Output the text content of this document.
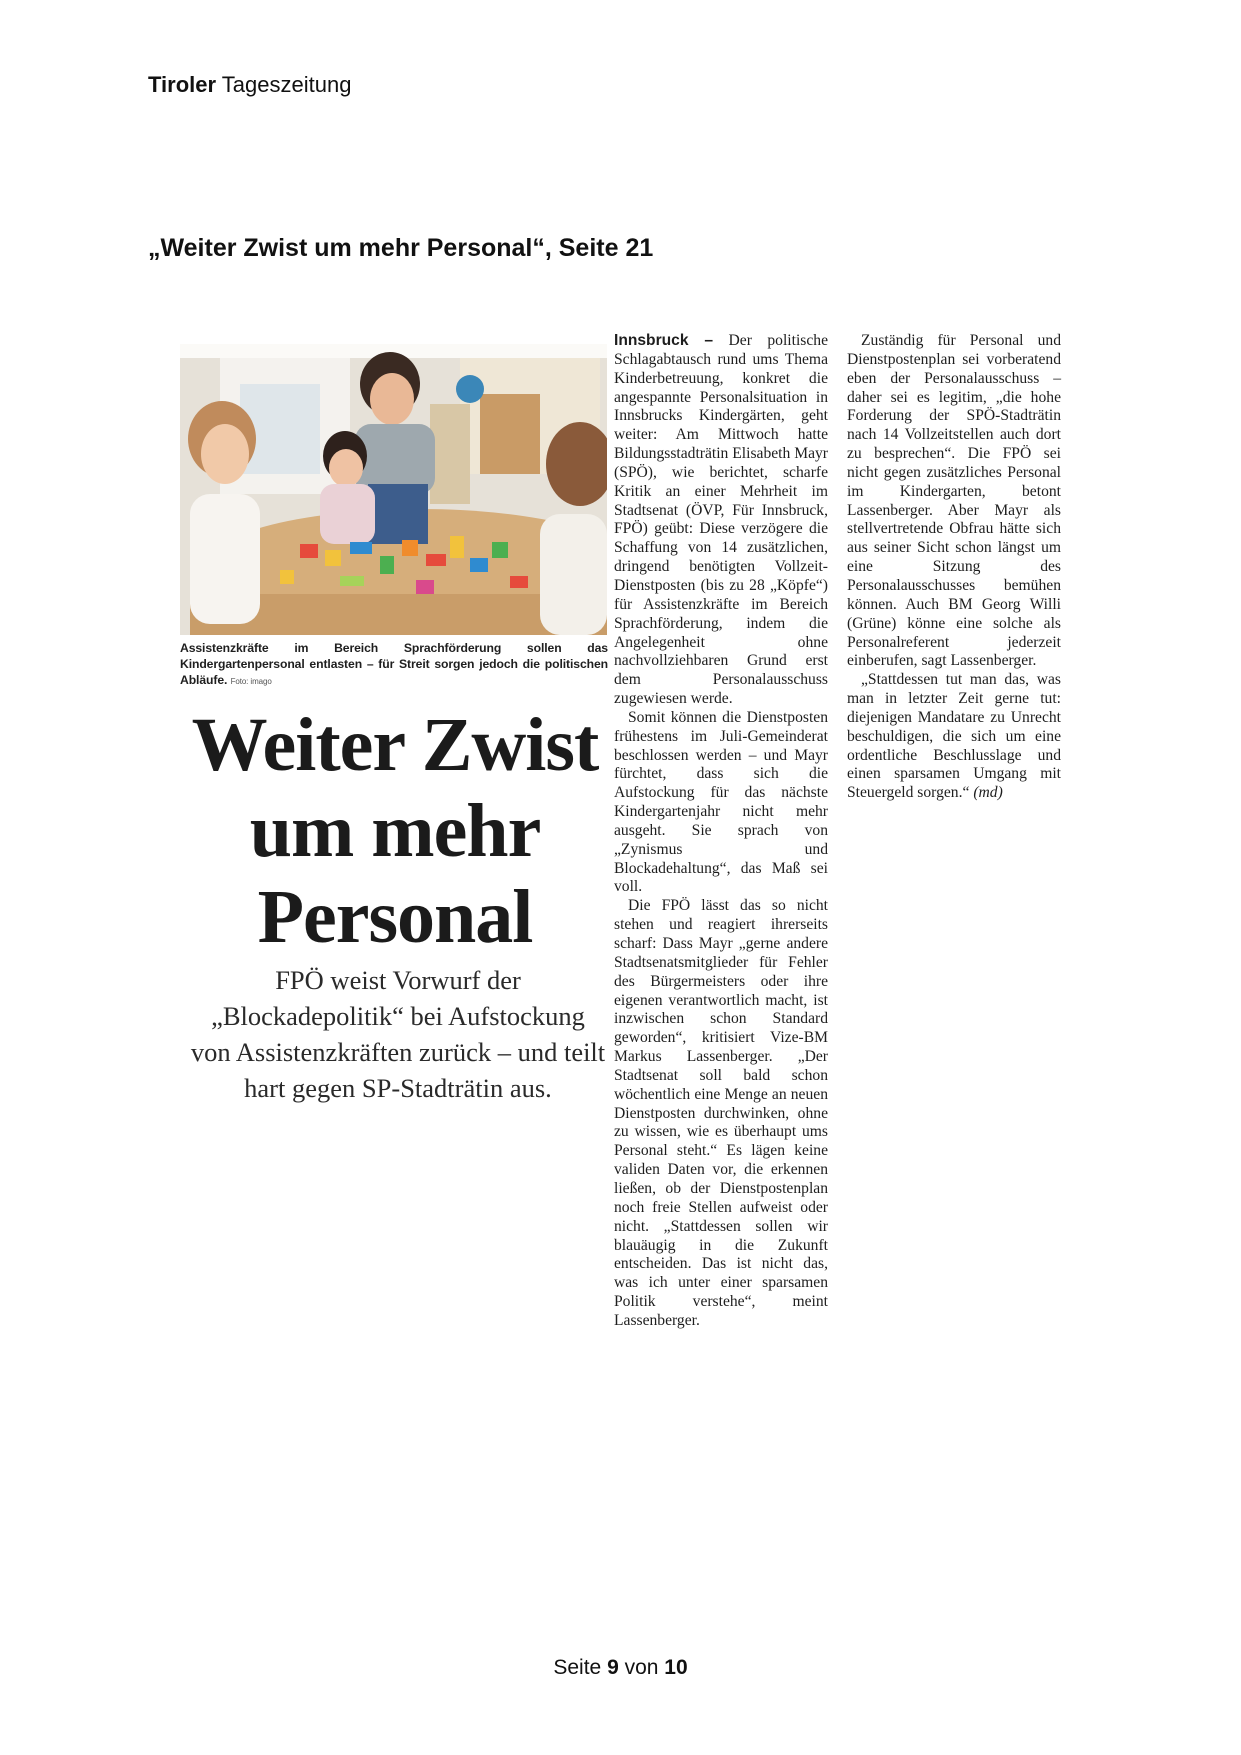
Tiroler Tageszeitung
„Weiter Zwist um mehr Personal“, Seite 21
Assistenzkräfte im Bereich Sprachförderung sollen das Kindergartenpersonal entlasten – für Streit sorgen jedoch die politischen Abläufe. Foto: imago
Weiter Zwist um mehr Personal
FPÖ weist Vorwurf der „Blockadepolitik“ bei Aufstockung von Assistenzkräften zurück – und teilt hart gegen SP-Stadträtin aus.

Innsbruck – Der politische Schlagabtausch rund ums Thema Kinderbetreuung, konkret die angespannte Personalsituation in Innsbrucks Kindergärten, geht weiter: Am Mittwoch hatte Bildungsstadträtin Elisabeth Mayr (SPÖ), wie berichtet, scharfe Kritik an einer Mehrheit im Stadtsenat (ÖVP, Für Innsbruck, FPÖ) geübt: Diese verzögere die Schaffung von 14 zusätzlichen, dringend benötigten Vollzeit-Dienstposten (bis zu 28 „Köpfe“) für Assistenzkräfte im Bereich Sprachförderung, indem die Angelegenheit ohne nachvollziehbaren Grund erst dem Personalausschuss zugewiesen werde.

Somit können die Dienstposten frühestens im Juli-Gemeinderat beschlossen werden – und Mayr fürchtet, dass sich die Aufstockung für das nächste Kindergartenjahr nicht mehr ausgeht. Sie sprach von „Zynismus und Blockadehaltung“, das Maß sei voll.

Die FPÖ lässt das so nicht stehen und reagiert ihrerseits scharf: Dass Mayr „gerne andere Stadtsenatsmitglieder für Fehler des Bürgermeisters oder ihre eigenen verantwortlich macht, ist inzwischen schon Standard geworden“, kritisiert Vize-BM Markus Lassenberger. „Der Stadtsenat soll bald schon wöchentlich eine Menge an neuen Dienstposten durchwinken, ohne zu wissen, wie es überhaupt ums Personal steht.“ Es lägen keine validen Daten vor, die erkennen ließen, ob der Dienstpostenplan noch freie Stellen aufweist oder nicht. „Stattdessen sollen wir blauäugig in die Zukunft entscheiden. Das ist nicht das, was ich unter einer sparsamen Politik verstehe“, meint Lassenberger.

Zuständig für Personal und Dienstpostenplan sei vorberatend eben der Personalausschuss – daher sei es legitim, „die hohe Forderung der SPÖ-Stadträtin nach 14 Vollzeitstellen auch dort zu besprechen“. Die FPÖ sei nicht gegen zusätzliches Personal im Kindergarten, betont Lassenberger. Aber Mayr als stellvertretende Obfrau hätte sich aus seiner Sicht schon längst um eine Sitzung des Personalausschusses bemühen können. Auch BM Georg Willi (Grüne) könne eine solche als Personalreferent jederzeit einberufen, sagt Lassenberger.

„Stattdessen tut man das, was man in letzter Zeit gerne tut: diejenigen Mandatare zu Unrecht beschuldigen, die sich um eine ordentliche Beschlusslage und einen sparsamen Umgang mit Steuergeld sorgen.“ (md)

Seite 9 von 10
